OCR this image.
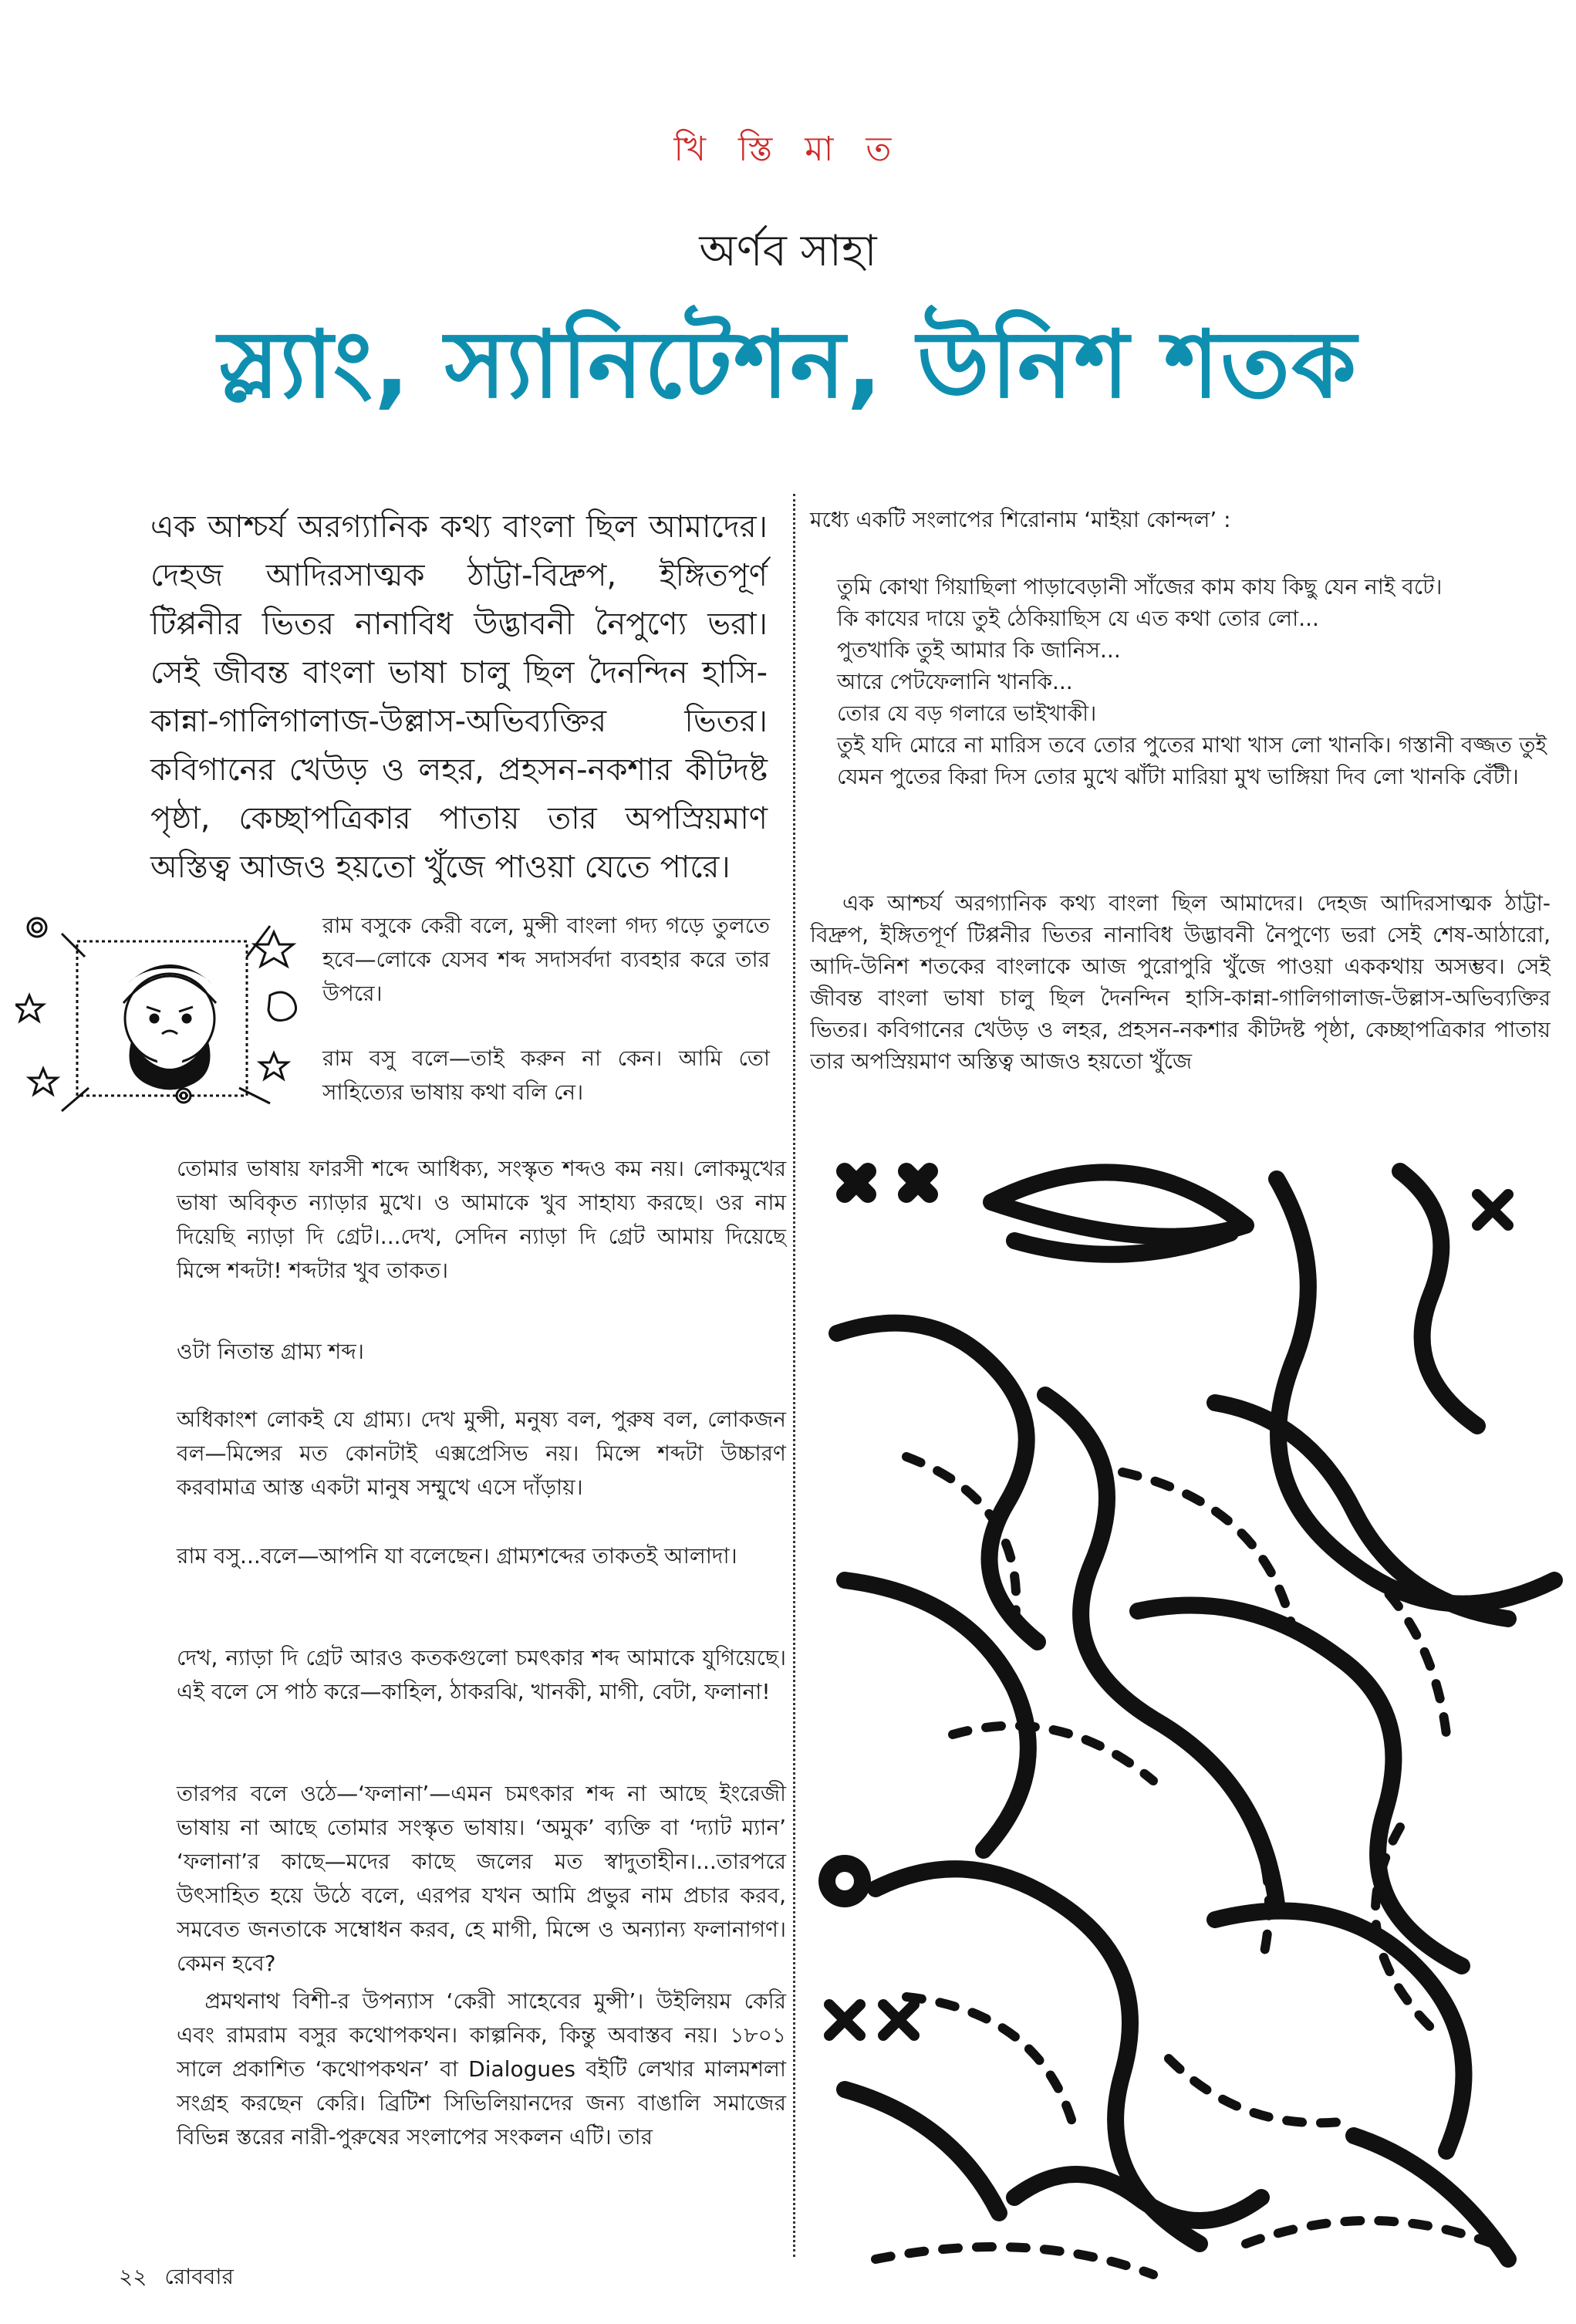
খি স্তি মা ত
অর্ণব সাহা
স্ল্যাং, স্যানিটেশন, উনিশ শতক

এক আশ্চর্য অরগ্যানিক কথ্য বাংলা ছিল আমাদের। দেহজ আদিরসাত্মক ঠাট্টা-বিদ্রুপ, ইঙ্গিতপূর্ণ টিপ্পনীর ভিতর নানাবিধ উদ্ভাবনী নৈপুণ্যে ভরা। সেই জীবন্ত বাংলা ভাষা চালু ছিল দৈনন্দিন হাসি-কান্না-গালিগালাজ-উল্লাস-অভিব্যক্তির ভিতর। কবিগানের খেউড় ও লহর, প্রহসন-নকশার কীটদষ্ট পৃষ্ঠা, কেচ্ছাপত্রিকার পাতায় তার অপস্রিয়মাণ অস্তিত্ব আজও হয়তো খুঁজে পাওয়া যেতে পারে।

রাম বসুকে কেরী বলে, মুন্সী বাংলা গদ্য গড়ে তুলতে হবে—লোকে যেসব শব্দ সদাসর্বদা ব্যবহার করে তার উপরে।

রাম বসু বলে—তাই করুন না কেন। আমি তো সাহিত্যের ভাষায় কথা বলি নে।

তোমার ভাষায় ফারসী শব্দে আধিক্য, সংস্কৃত শব্দও কম নয়। লোকমুখের ভাষা অবিকৃত ন্যাড়ার মুখে। ও আমাকে খুব সাহায্য করছে। ওর নাম দিয়েছি ন্যাড়া দি গ্রেট।...দেখ, সেদিন ন্যাড়া দি গ্রেট আমায় দিয়েছে মিন্সে শব্দটা! শব্দটার খুব তাকত।

ওটা নিতান্ত গ্রাম্য শব্দ।

অধিকাংশ লোকই যে গ্রাম্য। দেখ মুন্সী, মনুষ্য বল, পুরুষ বল, লোকজন বল—মিন্সের মত কোনটাই এক্সপ্রেসিভ নয়। মিন্সে শব্দটা উচ্চারণ করবামাত্র আস্ত একটা মানুষ সম্মুখে এসে দাঁড়ায়।

রাম বসু...বলে—আপনি যা বলেছেন। গ্রাম্যশব্দের তাকতই আলাদা।

দেখ, ন্যাড়া দি গ্রেট আরও কতকগুলো চমৎকার শব্দ আমাকে যুগিয়েছে। এই বলে সে পাঠ করে—কাহিল, ঠাকরঝি, খানকী, মাগী, বেটা, ফলানা!

তারপর বলে ওঠে—‘ফলানা’—এমন চমৎকার শব্দ না আছে ইংরেজী ভাষায় না আছে তোমার সংস্কৃত ভাষায়। ‘অমুক’ ব্যক্তি বা ‘দ্যাট ম্যান’ ‘ফলানা’র কাছে—মদের কাছে জলের মত স্বাদুতাহীন।...তারপরে উৎসাহিত হয়ে উঠে বলে, এরপর যখন আমি প্রভুর নাম প্রচার করব, সমবেত জনতাকে সম্বোধন করব, হে মাগী, মিন্সে ও অন্যান্য ফলানাগণ। কেমন হবে?

প্রমথনাথ বিশী-র উপন্যাস ‘কেরী সাহেবের মুন্সী’। উইলিয়ম কেরি এবং রামরাম বসুর কথোপকথন। কাল্পনিক, কিন্তু অবাস্তব নয়। ১৮০১ সালে প্রকাশিত ‘কথোপকথন’ বা Dialogues বইটি লেখার মালমশলা সংগ্রহ করছেন কেরি। ব্রিটিশ সিভিলিয়ানদের জন্য বাঙালি সমাজের বিভিন্ন স্তরের নারী-পুরুষের সংলাপের সংকলন এটি। তার

মধ্যে একটি সংলাপের শিরোনাম ‘মাইয়া কোন্দল’ :

তুমি কোথা গিয়াছিলা পাড়াবেড়ানী সাঁজের কাম কায কিছু যেন নাই বটে।
কি কাযের দায়ে তুই ঠেকিয়াছিস যে এত কথা তোর লো...
পুতখাকি তুই আমার কি জানিস...
আরে পেটফেলানি খানকি...
তোর যে বড় গলারে ভাইখাকী।
তুই যদি মোরে না মারিস তবে তোর পুতের মাথা খাস লো খানকি। গস্তানী বজ্জত তুই যেমন পুতের কিরা দিস তোর মুখে ঝাঁটা মারিয়া মুখ ভাঙ্গিয়া দিব লো খানকি বেঁটী।

এক আশ্চর্য অরগ্যানিক কথ্য বাংলা ছিল আমাদের। দেহজ আদিরসাত্মক ঠাট্টা-বিদ্রুপ, ইঙ্গিতপূর্ণ টিপ্পনীর ভিতর নানাবিধ উদ্ভাবনী নৈপুণ্যে ভরা সেই শেষ-আঠারো, আদি-উনিশ শতকের বাংলাকে আজ পুরোপুরি খুঁজে পাওয়া এককথায় অসম্ভব। সেই জীবন্ত বাংলা ভাষা চালু ছিল দৈনন্দিন হাসি-কান্না-গালিগালাজ-উল্লাস-অভিব্যক্তির ভিতর। কবিগানের খেউড় ও লহর, প্রহসন-নকশার কীটদষ্ট পৃষ্ঠা, কেচ্ছাপত্রিকার পাতায় তার অপস্রিয়মাণ অস্তিত্ব আজও হয়তো খুঁজে

২২ রোববার
